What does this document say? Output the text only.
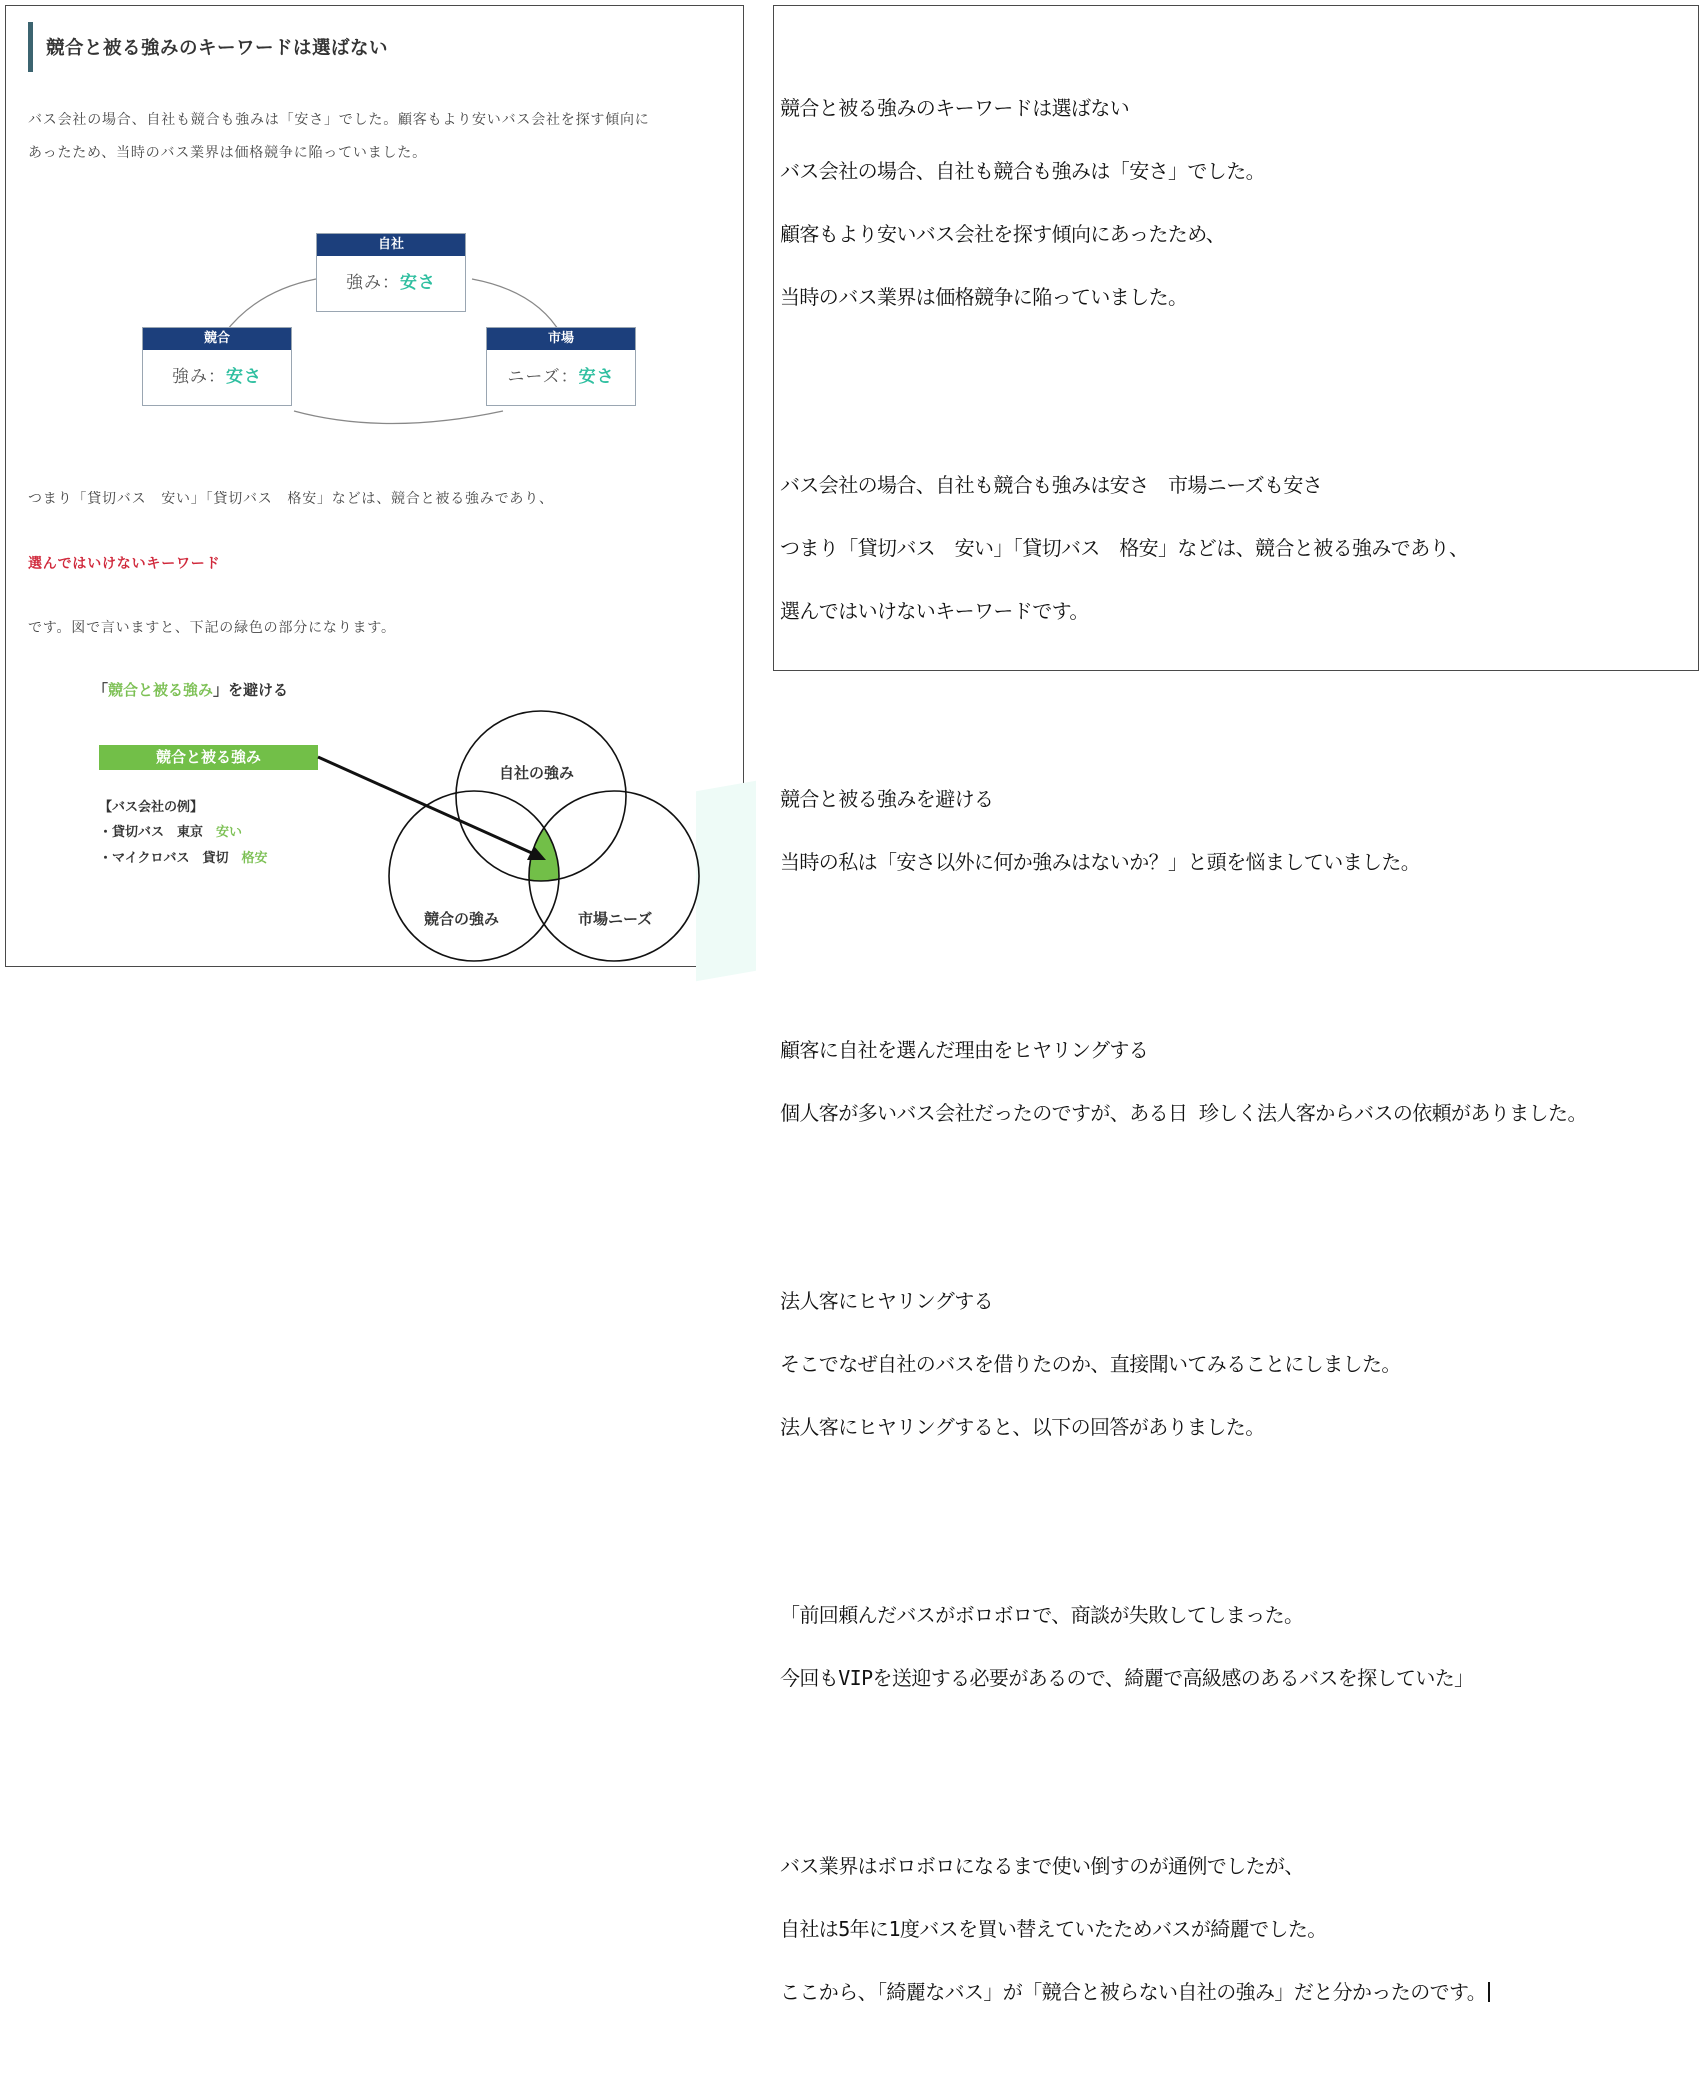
競合と被る強みのキーワードは選ばない
バス会社の場合、自社も競合も強みは「安さ」でした。顧客もより安いバス会社を探す傾向に
あったため、当時のバス業界は価格競争に陥っていました。
自社
強み：安さ
競合
強み：安さ
市場
ニーズ：安さ
つまり「貸切バス　安い」「貸切バス　格安」などは、競合と被る強みであり、
選んではいけないキーワード
です。図で言いますと、下記の緑色の部分になります。
「競合と被る強み」を避ける
競合と被る強み
【バス会社の例】
・貸切バス　東京　安い
・マイクロバス　貸切　格安
自社の強み
競合の強み	市場ニーズ

競合と被る強みのキーワードは選ばない

バス会社の場合、自社も競合も強みは「安さ」でした。

顧客もより安いバス会社を探す傾向にあったため、

当時のバス業界は価格競争に陥っていました。

バス会社の場合、自社も競合も強みは安さ　市場ニーズも安さ

つまり「貸切バス　安い」「貸切バス　格安」などは、競合と被る強みであり、

選んではいけないキーワードです。

競合と被る強みを避ける

当時の私は「安さ以外に何か強みはないか？」と頭を悩ましていました。

顧客に自社を選んだ理由をヒヤリングする

個人客が多いバス会社だったのですが、ある日 珍しく法人客からバスの依頼がありました。

法人客にヒヤリングする

そこでなぜ自社のバスを借りたのか、直接聞いてみることにしました。

法人客にヒヤリングすると、以下の回答がありました。

「前回頼んだバスがボロボロで、商談が失敗してしまった。

今回もVIPを送迎する必要があるので、綺麗で高級感のあるバスを探していた」

バス業界はボロボロになるまで使い倒すのが通例でしたが、

自社は5年に1度バスを買い替えていたためバスが綺麗でした。

ここから、「綺麗なバス」が「競合と被らない自社の強み」だと分かったのです。
